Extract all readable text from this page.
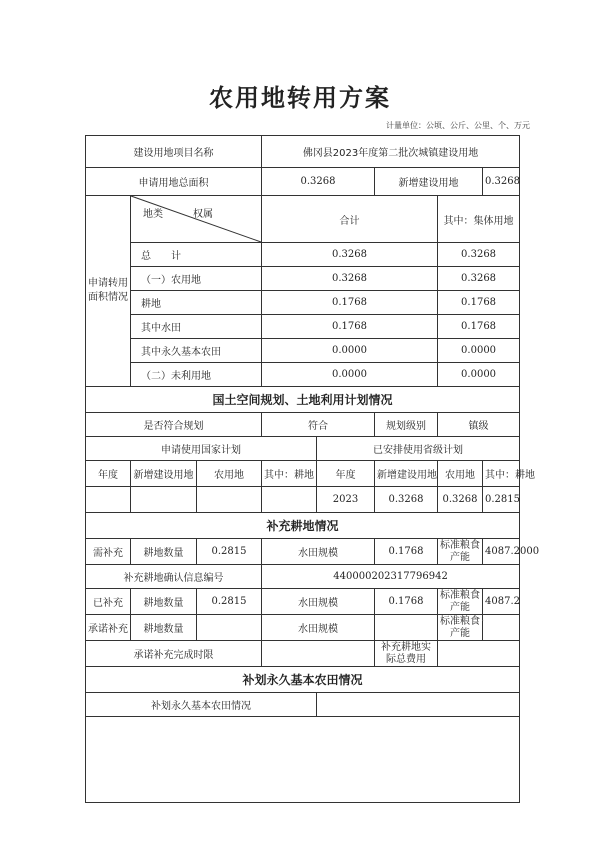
农用地转用方案
计量单位：公顷、公斤、公里、个、万元
建设用地项目名称			佛冈县2023年度第二批次城镇建设用地				
申请用地总面积			0.3268		新增建设用地		0.3268
申请转用面积情况	地类 权属		合计			其中：集体用地	
	总　　计		0.3268			0.3268	
	（一）农用地		0.3268			0.3268	
	耕地		0.1768			0.1768	
	其中水田		0.1768			0.1768	
	其中永久基本农田		0.0000			0.0000	
	（二）未利用地		0.0000			0.0000	
国土空间规划、土地利用计划情况							
是否符合规划			符合		规划级别	镇级	
申请使用国家计划				已安排使用省级计划			
年度	新增建设用地	农用地	其中：耕地	年度	新增建设用地	农用地	其中：耕地
				2023	0.3268	0.3268	0.2815
补充耕地情况							
需补充	耕地数量	0.2815	水田规模		0.1768	标准粮食产能	4087.2000
补充耕地确认信息编号			440000202317796942				
已补充	耕地数量	0.2815	水田规模		0.1768	标准粮食产能	4087.2
承诺补充	耕地数量		水田规模			标准粮食产能	
承诺补充完成时限					补充耕地实际总费用		
补划永久基本农田情况							
补划永久基本农田情况							

·
